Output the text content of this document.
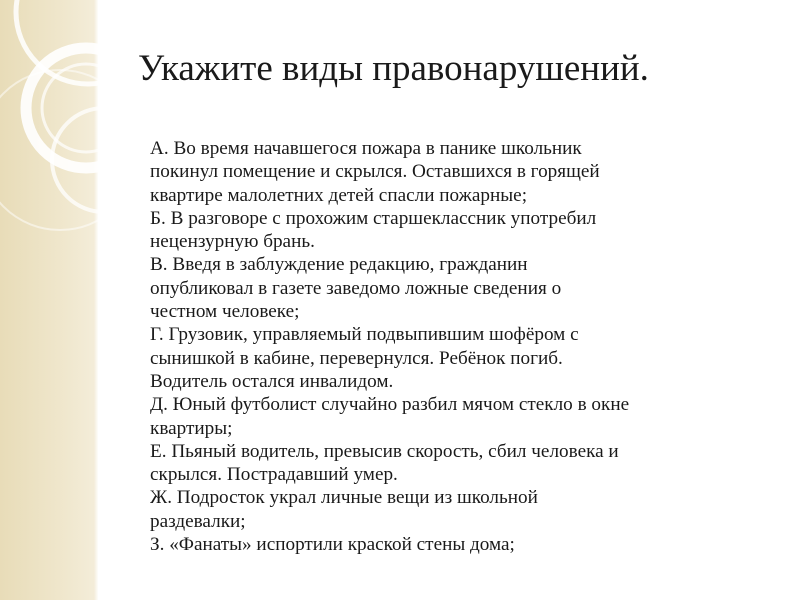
Укажите виды правонарушений.
А. Во время начавшегося пожара в панике школьник
покинул помещение и скрылся. Оставшихся в горящей
квартире малолетних детей спасли пожарные;
Б. В разговоре с прохожим старшеклассник употребил
нецензурную брань.
В. Введя в заблуждение редакцию, гражданин
опубликовал в газете заведомо ложные сведения о
честном человеке;
Г. Грузовик, управляемый подвыпившим шофёром с
сынишкой в кабине, перевернулся. Ребёнок погиб.
Водитель остался инвалидом.
Д. Юный футболист случайно разбил мячом стекло в окне
квартиры;
Е. Пьяный водитель, превысив скорость, сбил человека и
скрылся. Пострадавший умер.
Ж. Подросток украл личные вещи из школьной
раздевалки;
З. «Фанаты» испортили краской стены дома;
